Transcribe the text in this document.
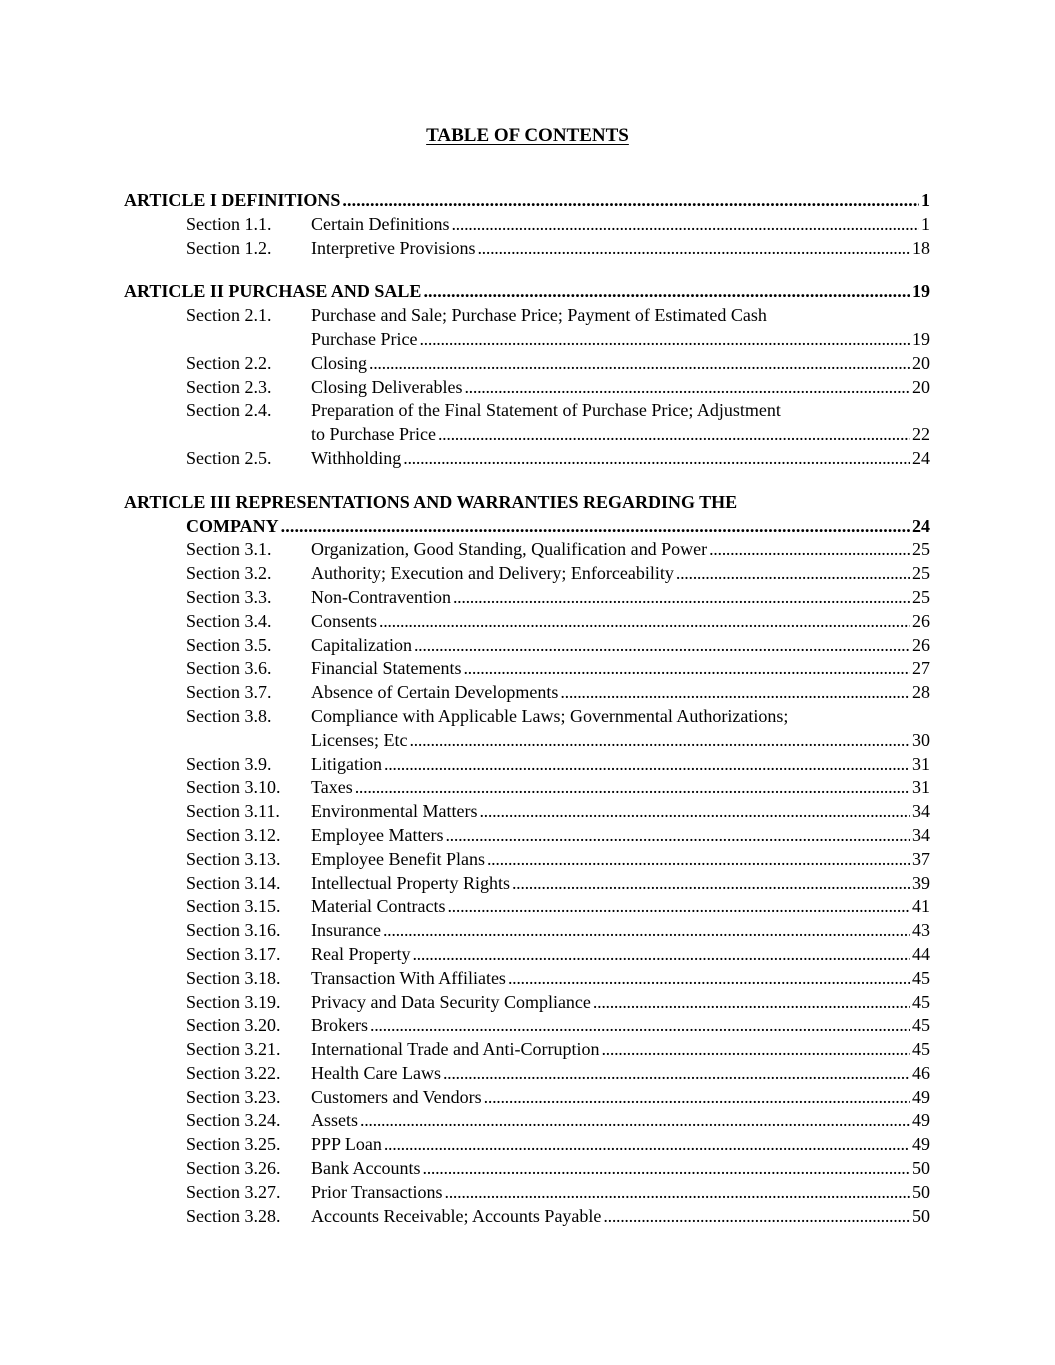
TABLE OF CONTENTS
ARTICLE I DEFINITIONS . . .	1
Section 1.1. Certain Definitions . . .	1
Section 1.2. Interpretive Provisions . . .	18
ARTICLE II PURCHASE AND SALE . . .	19
Section 2.1. Purchase and Sale; Purchase Price; Payment of Estimated Cash
Purchase Price . . .	19
Section 2.2. Closing . . .	20
Section 2.3. Closing Deliverables . . .	20
Section 2.4. Preparation of the Final Statement of Purchase Price; Adjustment
to Purchase Price . . .	22
Section 2.5. Withholding . . .	24
ARTICLE III REPRESENTATIONS AND WARRANTIES REGARDING THE
COMPANY . . .	24
Section 3.1. Organization, Good Standing, Qualification and Power . . .	25
Section 3.2. Authority; Execution and Delivery; Enforceability . . .	25
Section 3.3. Non-Contravention . . .	25
Section 3.4. Consents . . .	26
Section 3.5. Capitalization . . .	26
Section 3.6. Financial Statements . . .	27
Section 3.7. Absence of Certain Developments . . .	28
Section 3.8. Compliance with Applicable Laws; Governmental Authorizations;
Licenses; Etc . . .	30
Section 3.9. Litigation . . .	31
Section 3.10. Taxes . . .	31
Section 3.11. Environmental Matters . . .	34
Section 3.12. Employee Matters . . .	34
Section 3.13. Employee Benefit Plans . . .	37
Section 3.14. Intellectual Property Rights . . .	39
Section 3.15. Material Contracts . . .	41
Section 3.16. Insurance . . .	43
Section 3.17. Real Property . . .	44
Section 3.18. Transaction With Affiliates . . .	45
Section 3.19. Privacy and Data Security Compliance . . .	45
Section 3.20. Brokers . . .	45
Section 3.21. International Trade and Anti-Corruption . . .	45
Section 3.22. Health Care Laws . . .	46
Section 3.23. Customers and Vendors . . .	49
Section 3.24. Assets . . .	49
Section 3.25. PPP Loan . . .	49
Section 3.26. Bank Accounts . . .	50
Section 3.27. Prior Transactions . . .	50
Section 3.28. Accounts Receivable; Accounts Payable . . .	50
